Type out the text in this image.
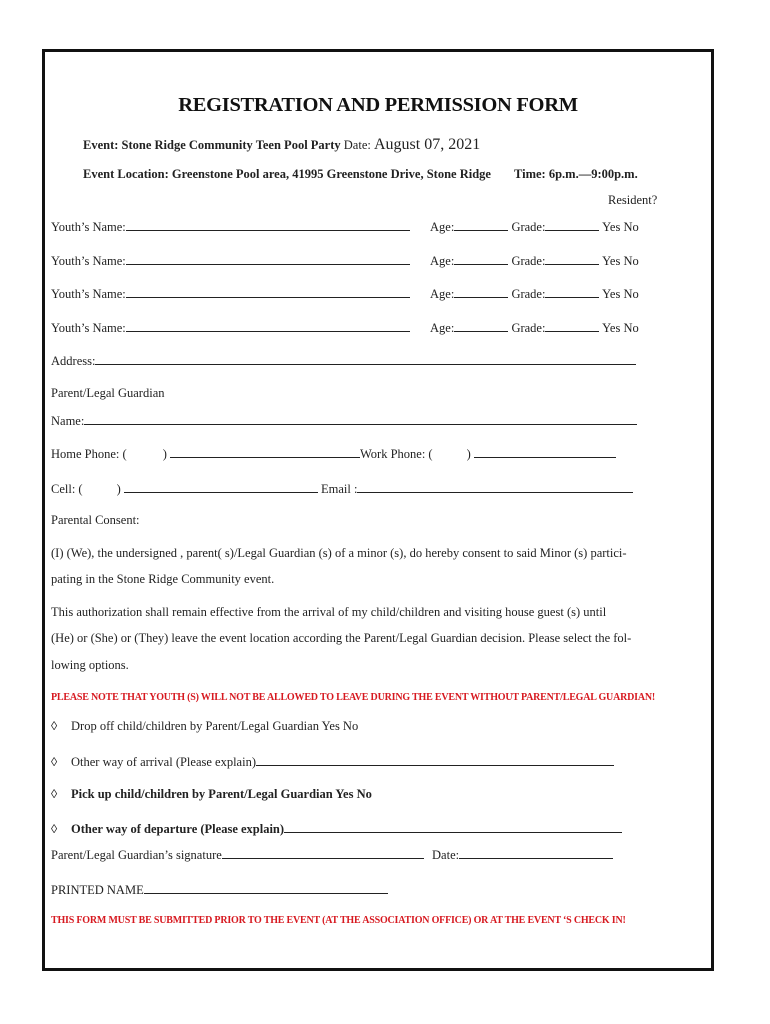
REGISTRATION AND PERMISSION FORM
Event: Stone Ridge Community Teen Pool Party Date: August 07, 2021
Event Location: Greenstone Pool area, 41995 Greenstone Drive, Stone Ridge Time: 6p.m.—9:00p.m.
Resident?
Youth’s Name:	Age:	Grade:	Yes No
Youth’s Name:	Age:	Grade:	Yes No
Youth’s Name:	Age:	Grade:	Yes No
Youth’s Name:	Age:	Grade:	Yes No
Address:
Parent/Legal Guardian
Name:
Home Phone: (	)	Work Phone: (	)
Cell: (	)	Email :
Parental Consent:
(I) (We), the undersigned , parent( s)/Legal Guardian (s) of a minor (s), do hereby consent to said Minor (s) partici-
pating in the Stone Ridge Community event.
This authorization shall remain effective from the arrival of my child/children and visiting house guest (s) until
(He) or (She) or (They) leave the event location according the Parent/Legal Guardian decision. Please select the fol-
lowing options.
PLEASE NOTE THAT YOUTH (S) WILL NOT BE ALLOWED TO LEAVE DURING THE EVENT WITHOUT PARENT/LEGAL GUARDIAN!
◊ Drop off child/children by Parent/Legal Guardian Yes No
◊ Other way of arrival (Please explain)
◊ Pick up child/children by Parent/Legal Guardian Yes No
◊ Other way of departure (Please explain)
Parent/Legal Guardian’s signature	Date:
PRINTED NAME
THIS FORM MUST BE SUBMITTED PRIOR TO THE EVENT (AT THE ASSOCIATION OFFICE) OR AT THE EVENT ‘S CHECK IN!
